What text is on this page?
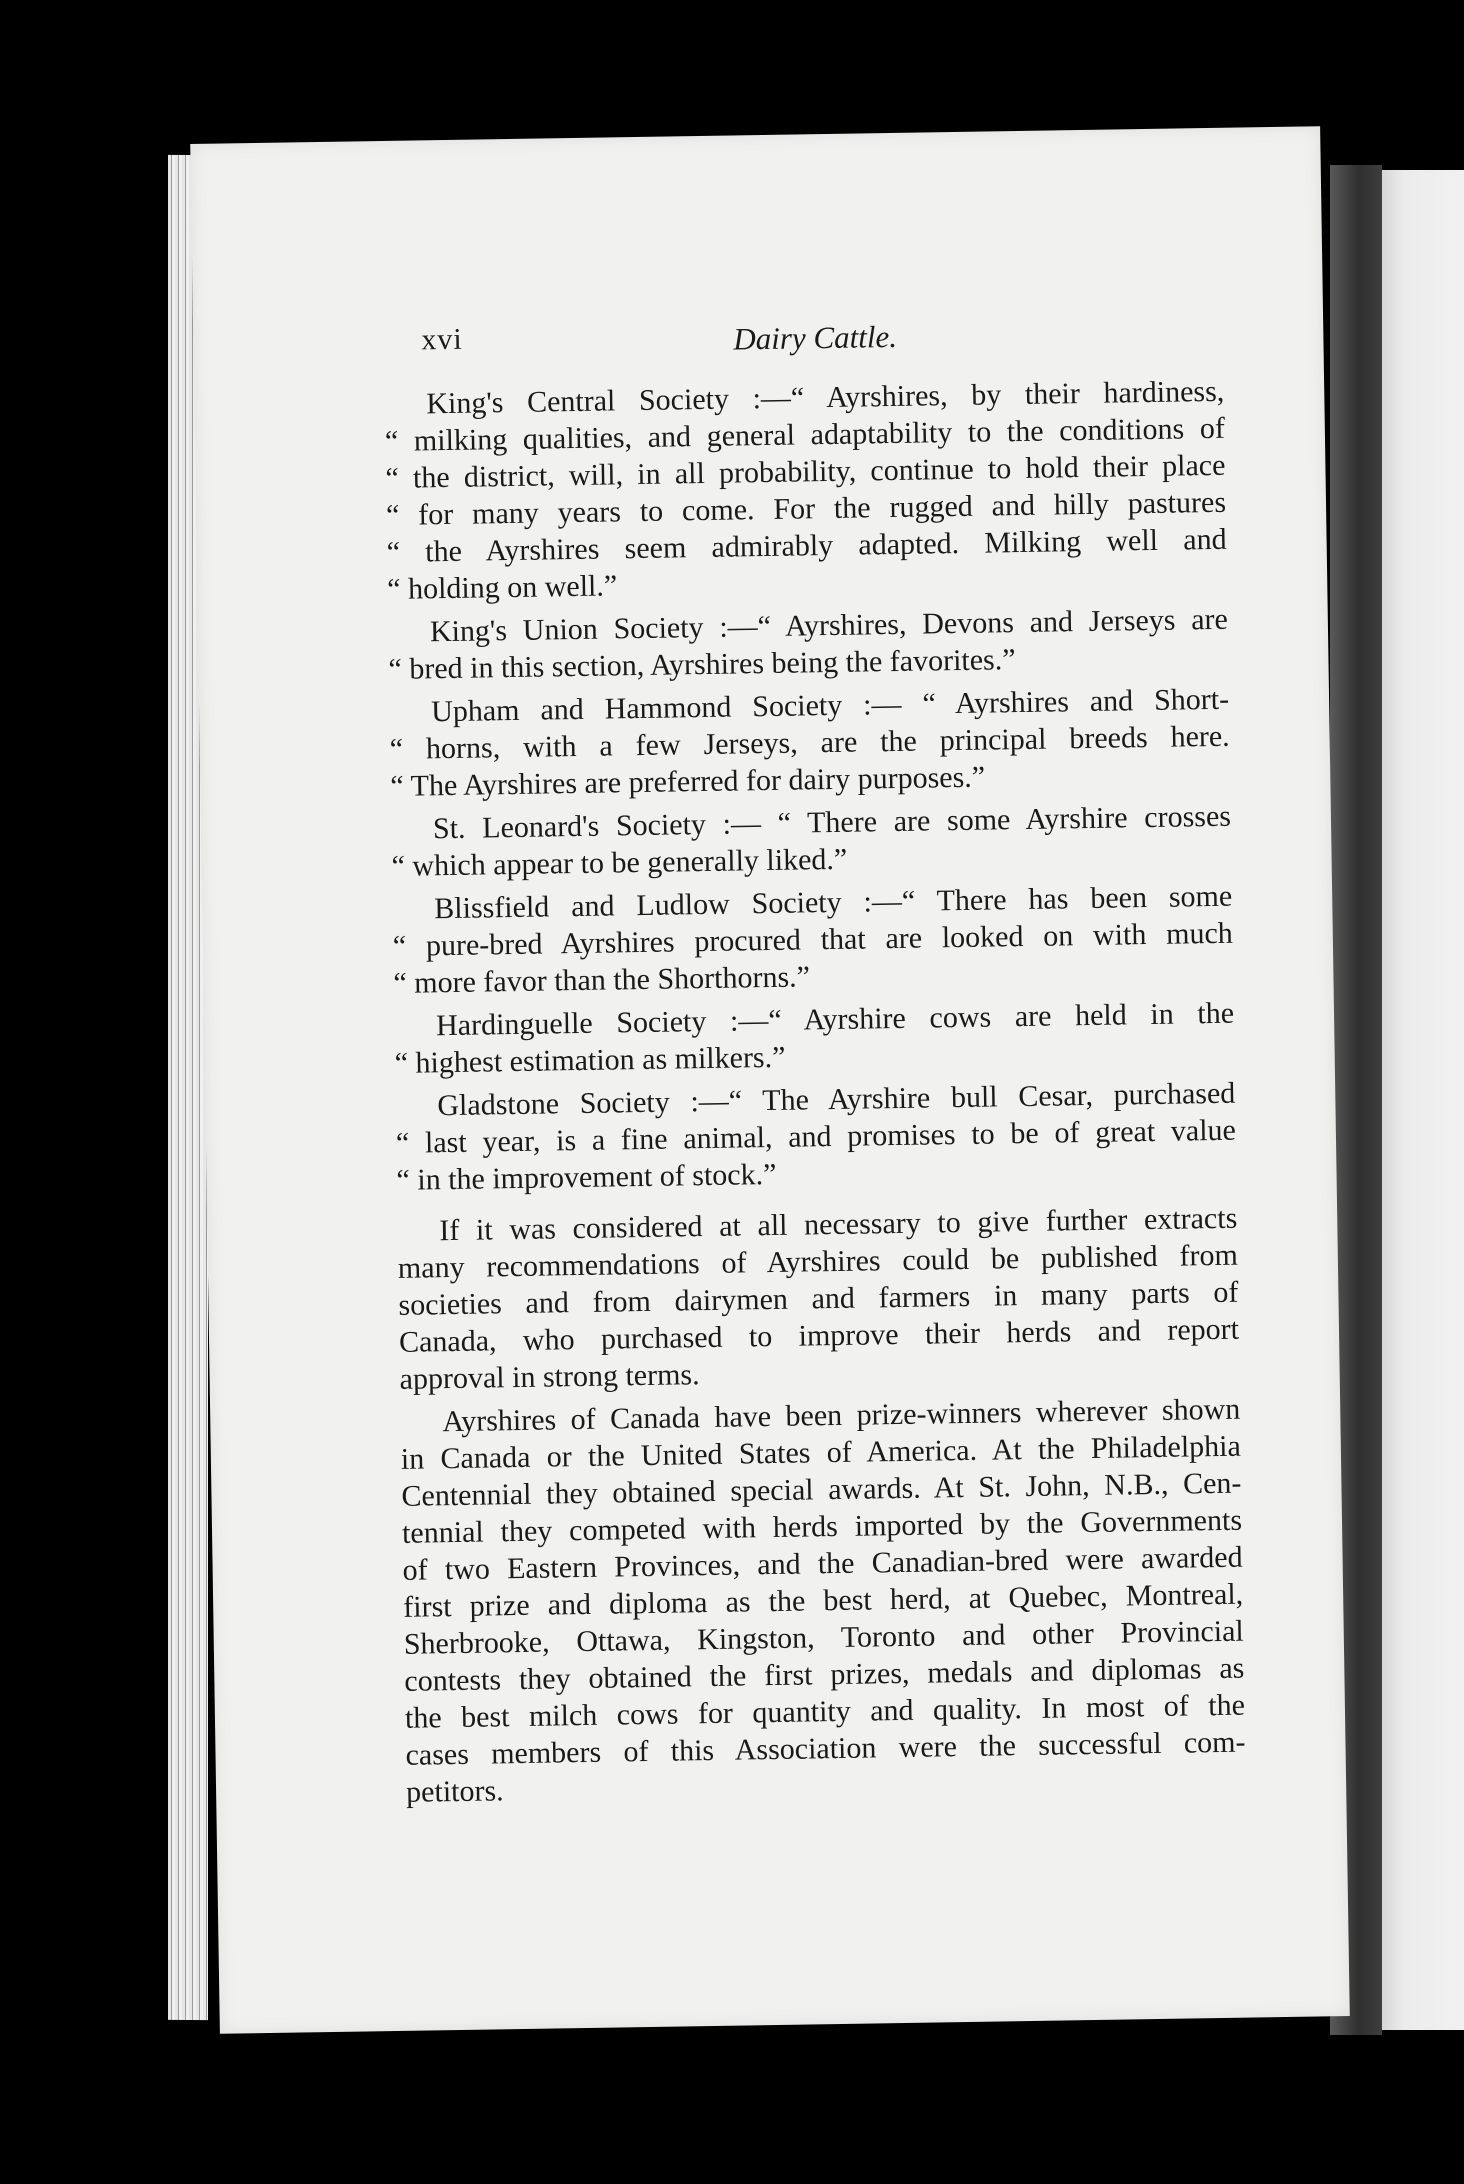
xvi	Dairy Cattle.
King's Central Society :—“ Ayrshires, by their hardiness,
“ milking qualities, and general adaptability to the conditions of
“ the district, will, in all probability, continue to hold their place
“ for many years to come. For the rugged and hilly pastures
“ the Ayrshires seem admirably adapted. Milking well and
“ holding on well.”
King's Union Society :—“ Ayrshires, Devons and Jerseys are
“ bred in this section, Ayrshires being the favorites.”
Upham and Hammond Society :— “ Ayrshires and Short-
“ horns, with a few Jerseys, are the principal breeds here.
“ The Ayrshires are preferred for dairy purposes.”
St. Leonard's Society :— “ There are some Ayrshire crosses
“ which appear to be generally liked.”
Blissfield and Ludlow Society :—“ There has been some
“ pure-bred Ayrshires procured that are looked on with much
“ more favor than the Shorthorns.”
Hardinguelle Society :—“ Ayrshire cows are held in the
“ highest estimation as milkers.”
Gladstone Society :—“ The Ayrshire bull Cesar, purchased
“ last year, is a fine animal, and promises to be of great value
“ in the improvement of stock.”
If it was considered at all necessary to give further extracts
many recommendations of Ayrshires could be published from
societies and from dairymen and farmers in many parts of
Canada, who purchased to improve their herds and report
approval in strong terms.
Ayrshires of Canada have been prize-winners wherever shown
in Canada or the United States of America. At the Philadelphia
Centennial they obtained special awards. At St. John, N.B., Cen-
tennial they competed with herds imported by the Governments
of two Eastern Provinces, and the Canadian-bred were awarded
first prize and diploma as the best herd, at Quebec, Montreal,
Sherbrooke, Ottawa, Kingston, Toronto and other Provincial
contests they obtained the first prizes, medals and diplomas as
the best milch cows for quantity and quality. In most of the
cases members of this Association were the successful com-
petitors.
